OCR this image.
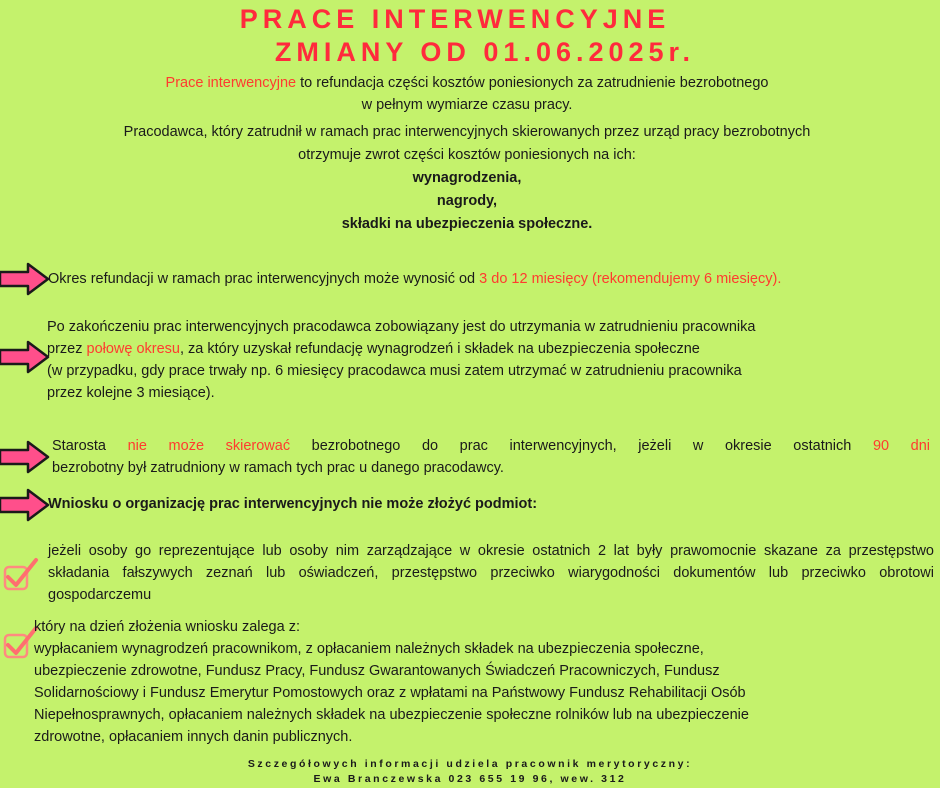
PRACE INTERWENCYJNE
ZMIANY OD 01.06.2025r.
Prace interwencyjne to refundacja części kosztów poniesionych za zatrudnienie bezrobotnego
w pełnym wymiarze czasu pracy.
Pracodawca, który zatrudnił w ramach prac interwencyjnych skierowanych przez urząd pracy bezrobotnych
otrzymuje zwrot części kosztów poniesionych na ich:
wynagrodzenia,
nagrody,
składki na ubezpieczenia społeczne.
Okres refundacji w ramach prac interwencyjnych może wynosić od 3 do 12 miesięcy (rekomendujemy 6 miesięcy).
Po zakończeniu prac interwencyjnych pracodawca zobowiązany jest do utrzymania w zatrudnieniu pracownika
przez połowę okresu, za który uzyskał refundację wynagrodzeń i składek na ubezpieczenia społeczne
(w przypadku, gdy prace trwały np. 6 miesięcy pracodawca musi zatem utrzymać w zatrudnieniu pracownika
przez kolejne 3 miesiące).
Starosta nie może skierować bezrobotnego do prac interwencyjnych, jeżeli w okresie ostatnich 90 dni
bezrobotny był zatrudniony w ramach tych prac u danego pracodawcy.
Wniosku o organizację prac interwencyjnych nie może złożyć podmiot:
jeżeli osoby go reprezentujące lub osoby nim zarządzające w okresie ostatnich 2 lat były prawomocnie skazane za przestępstwo składania fałszywych zeznań lub oświadczeń, przestępstwo przeciwko wiarygodności dokumentów lub przeciwko obrotowi gospodarczemu
który na dzień złożenia wniosku zalega z:
wypłacaniem wynagrodzeń pracownikom, z opłacaniem należnych składek na ubezpieczenia społeczne,
ubezpieczenie zdrowotne, Fundusz Pracy, Fundusz Gwarantowanych Świadczeń Pracowniczych, Fundusz
Solidarnościowy i Fundusz Emerytur Pomostowych oraz z wpłatami na Państwowy Fundusz Rehabilitacji Osób
Niepełnosprawnych, opłacaniem należnych składek na ubezpieczenie społeczne rolników lub na ubezpieczenie
zdrowotne, opłacaniem innych danin publicznych.
Szczegółowych informacji udziela pracownik merytoryczny:
Ewa Branczewska 023 655 19 96, wew. 312
